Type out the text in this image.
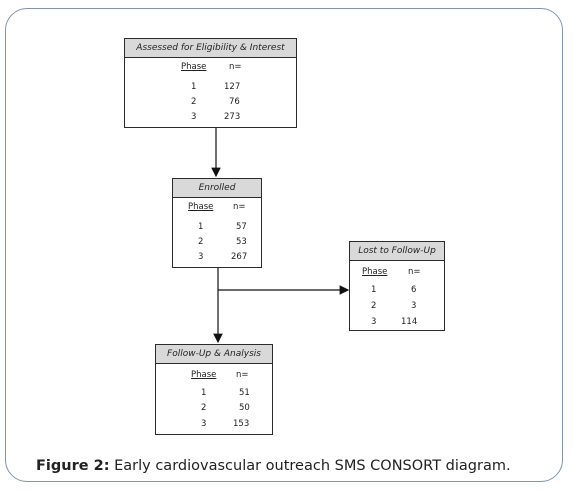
Assessed for Eligibility & Interest
Phase	n=
1	127
2	76
3	273
Enrolled
Phase n=
1	57
2	53
3	267
Lost to Follow-Up
Phase n=
1	6
2	3
3	114
Follow-Up & Analysis
Phase n=
1	51
2	50
3	153
Figure 2: Early cardiovascular outreach SMS CONSORT diagram.
